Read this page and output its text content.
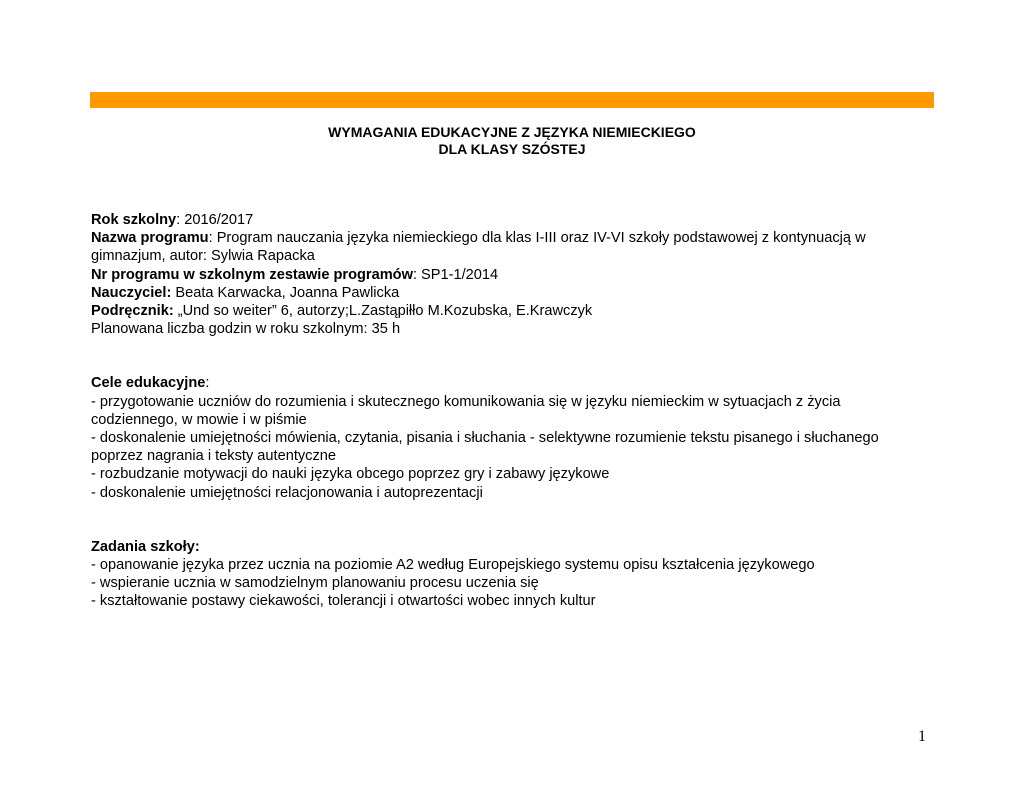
WYMAGANIA EDUKACYJNE Z JĘZYKA NIEMIECKIEGO
DLA KLASY SZÓSTEJ

Rok szkolny: 2016/2017

Nazwa programu: Program nauczania języka niemieckiego dla klas I-III oraz IV-VI szkoły podstawowej z kontynuacją w gimnazjum, autor: Sylwia Rapacka

Nr programu w szkolnym zestawie programów: SP1-1/2014

Nauczyciel: Beata Karwacka, Joanna Pawlicka

Podręcznik: „Und so weiter” 6, autorzy;L.Zastąpiłło M.Kozubska, E.Krawczyk

Planowana liczba godzin w roku szkolnym: 35 h

Cele edukacyjne:

- przygotowanie uczniów do rozumienia i skutecznego komunikowania się w języku niemieckim w sytuacjach z życia codziennego, w mowie i w piśmie

- doskonalenie umiejętności mówienia, czytania, pisania i słuchania - selektywne rozumienie tekstu pisanego i słuchanego poprzez nagrania i teksty autentyczne

- rozbudzanie motywacji do nauki języka obcego poprzez gry i zabawy językowe

- doskonalenie umiejętności relacjonowania i autoprezentacji

Zadania szkoły:

- opanowanie języka przez ucznia na poziomie A2 według Europejskiego systemu opisu kształcenia językowego

- wspieranie ucznia w samodzielnym planowaniu procesu uczenia się

- kształtowanie postawy ciekawości, tolerancji i otwartości wobec innych kultur

1
